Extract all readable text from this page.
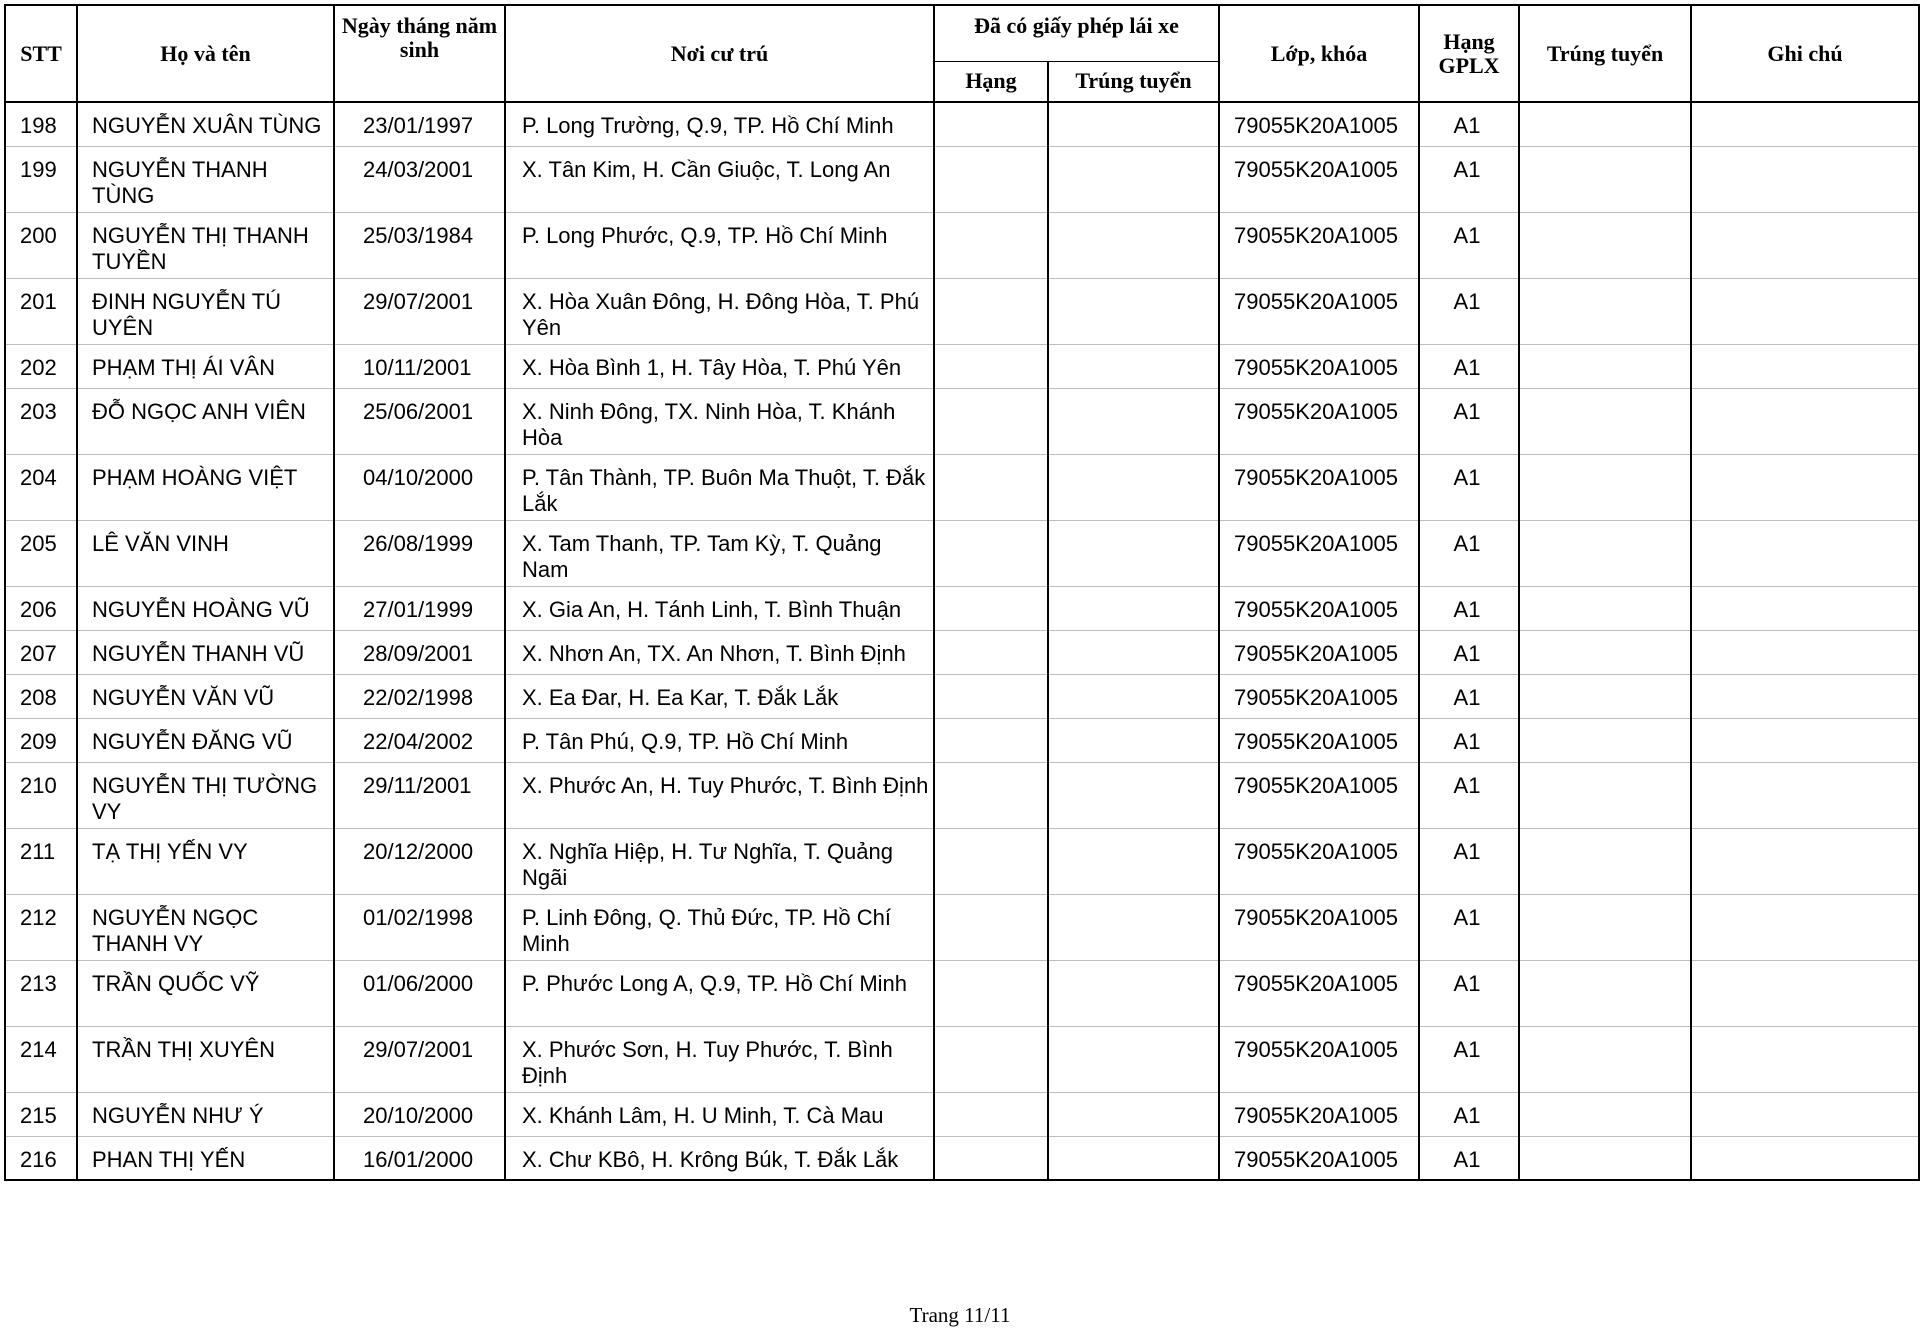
STT	Họ và tên	Ngày tháng năm sinh	Nơi cư trú	Đã có giấy phép lái xe		Lớp, khóa	Hạng GPLX	Trúng tuyển	Ghi chú
				Hạng	Trúng tuyển				
198	NGUYỄN XUÂN TÙNG	23/01/1997	P. Long Trường, Q.9, TP. Hồ Chí Minh			79055K20A1005	A1		
199	NGUYỄN THANH TÙNG	24/03/2001	X. Tân Kim, H. Cần Giuộc, T. Long An			79055K20A1005	A1		
200	NGUYỄN THỊ THANH TUYỀN	25/03/1984	P. Long Phước, Q.9, TP. Hồ Chí Minh			79055K20A1005	A1		
201	ĐINH NGUYỄN TÚ UYÊN	29/07/2001	X. Hòa Xuân Đông, H. Đông Hòa, T. Phú Yên			79055K20A1005	A1		
202	PHẠM THỊ ÁI VÂN	10/11/2001	X. Hòa Bình 1, H. Tây Hòa, T. Phú Yên			79055K20A1005	A1		
203	ĐỖ NGỌC ANH VIÊN	25/06/2001	X. Ninh Đông, TX. Ninh Hòa, T. Khánh Hòa			79055K20A1005	A1		
204	PHẠM HOÀNG VIỆT	04/10/2000	P. Tân Thành, TP. Buôn Ma Thuột, T. Đắk Lắk			79055K20A1005	A1		
205	LÊ VĂN VINH	26/08/1999	X. Tam Thanh, TP. Tam Kỳ, T. Quảng Nam			79055K20A1005	A1		
206	NGUYỄN HOÀNG VŨ	27/01/1999	X. Gia An, H. Tánh Linh, T. Bình Thuận			79055K20A1005	A1		
207	NGUYỄN THANH VŨ	28/09/2001	X. Nhơn An, TX. An Nhơn, T. Bình Định			79055K20A1005	A1		
208	NGUYỄN VĂN VŨ	22/02/1998	X. Ea Đar, H. Ea Kar, T. Đắk Lắk			79055K20A1005	A1		
209	NGUYỄN ĐĂNG VŨ	22/04/2002	P. Tân Phú, Q.9, TP. Hồ Chí Minh			79055K20A1005	A1		
210	NGUYỄN THỊ TƯỜNG VY	29/11/2001	X. Phước An, H. Tuy Phước, T. Bình Định			79055K20A1005	A1		
211	TẠ THỊ YẾN VY	20/12/2000	X. Nghĩa Hiệp, H. Tư Nghĩa, T. Quảng Ngãi			79055K20A1005	A1		
212	NGUYỄN NGỌC THANH VY	01/02/1998	P. Linh Đông, Q. Thủ Đức, TP. Hồ Chí Minh			79055K20A1005	A1		
213	TRẦN QUỐC VỸ	01/06/2000	P. Phước Long A, Q.9, TP. Hồ Chí Minh			79055K20A1005	A1		
214	TRẦN THỊ XUYÊN	29/07/2001	X. Phước Sơn, H. Tuy Phước, T. Bình Định			79055K20A1005	A1		
215	NGUYỄN NHƯ Ý	20/10/2000	X. Khánh Lâm, H. U Minh, T. Cà Mau			79055K20A1005	A1		
216	PHAN THỊ YẾN	16/01/2000	X. Chư KBô, H. Krông Búk, T. Đắk Lắk			79055K20A1005	A1		
Trang 11/11
